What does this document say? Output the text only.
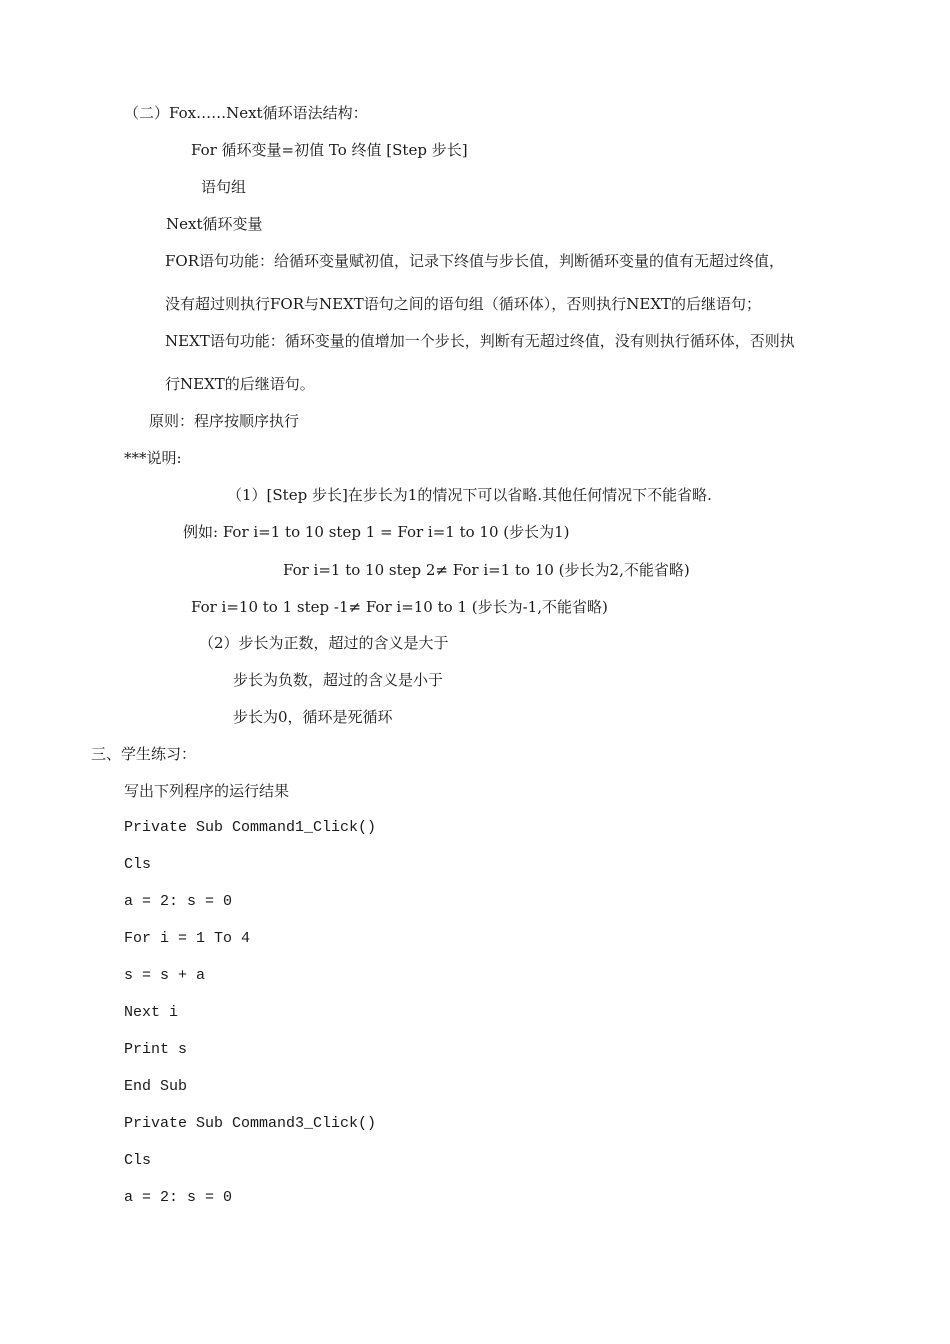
（二）Fox……Next循环语法结构：
For 循环变量=初值 To 终值 [Step 步长]
语句组
Next循环变量
FOR语句功能：给循环变量赋初值，记录下终值与步长值，判断循环变量的值有无超过终值，
没有超过则执行FOR与NEXT语句之间的语句组（循环体），否则执行NEXT的后继语句；
NEXT语句功能：循环变量的值增加一个步长，判断有无超过终值，没有则执行循环体，否则执
行NEXT的后继语句。
原则：程序按顺序执行
***说明:
（1）[Step 步长]在步长为1的情况下可以省略.其他任何情况下不能省略.
例如: For i=1 to 10 step 1 = For i=1 to 10 (步长为1)
For i=1 to 10 step 2≠ For i=1 to 10 (步长为2,不能省略)
For i=10 to 1 step -1≠ For i=10 to 1 (步长为-1,不能省略)
（2）步长为正数，超过的含义是大于
步长为负数，超过的含义是小于
步长为0，循环是死循环
三、学生练习：
写出下列程序的运行结果
Private Sub Command1_Click()
Cls
a = 2: s = 0
For i = 1 To 4
s = s + a
Next i
Print s
End Sub
Private Sub Command3_Click()
Cls
a = 2: s = 0
